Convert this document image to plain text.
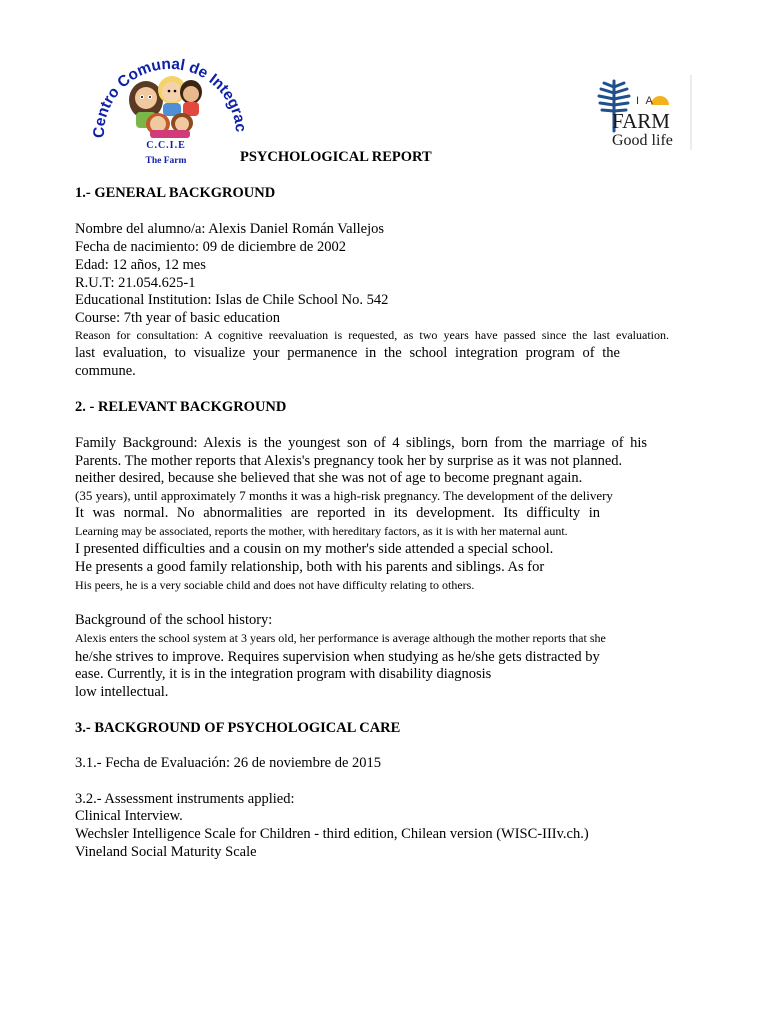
Centro Comunal de Integr
C.C.I.E
The Farm
I A
FARM
Good life
PSYCHOLOGICAL REPORT
1.- GENERAL BACKGROUND
Nombre del alumno/a: Alexis Daniel Román Vallejos
Fecha de nacimiento: 09 de diciembre de 2002
Edad: 12 años, 12 mes
R.U.T: 21.054.625-1
Educational Institution: Islas de Chile School No. 542
Course: 7th year of basic education
Reason for consultation: A cognitive reevaluation is requested, as two years have passed since the last evaluation.
last evaluation, to visualize your permanence in the school integration program of the
commune.
2. - RELEVANT BACKGROUND
Family Background: Alexis is the youngest son of 4 siblings, born from the marriage of his
Parents. The mother reports that Alexis's pregnancy took her by surprise as it was not planned.
neither desired, because she believed that she was not of age to become pregnant again.
(35 years), until approximately 7 months it was a high-risk pregnancy. The development of the delivery
It was normal. No abnormalities are reported in its development. Its difficulty in
Learning may be associated, reports the mother, with hereditary factors, as it is with her maternal aunt.
I presented difficulties and a cousin on my mother's side attended a special school.
He presents a good family relationship, both with his parents and siblings. As for
His peers, he is a very sociable child and does not have difficulty relating to others.
Background of the school history:
Alexis enters the school system at 3 years old, her performance is average although the mother reports that she
he/she strives to improve. Requires supervision when studying as he/she gets distracted by
ease. Currently, it is in the integration program with disability diagnosis
low intellectual.
3.- BACKGROUND OF PSYCHOLOGICAL CARE
3.1.- Fecha de Evaluación: 26 de noviembre de 2015
3.2.- Assessment instruments applied:
Clinical Interview.
Wechsler Intelligence Scale for Children - third edition, Chilean version (WISC-IIIv.ch.)
Vineland Social Maturity Scale
